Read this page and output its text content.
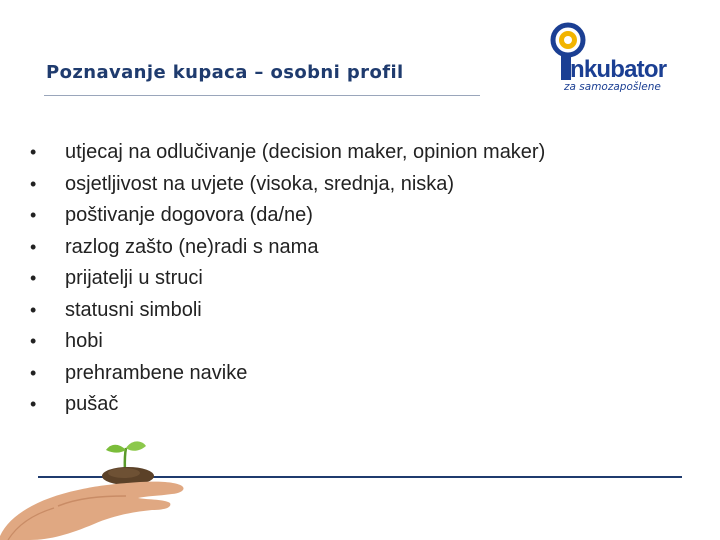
Poznavanje kupaca – osobni profil	nkubator
za samozapošlene
• utjecaj na odlučivanje (decision maker, opinion maker)
• osjetljivost na uvjete (visoka, srednja, niska)
• poštivanje dogovora (da/ne)
• razlog zašto (ne)radi s nama
• prijatelji u struci
• statusni simboli
• hobi
• prehrambene navike
• pušač
